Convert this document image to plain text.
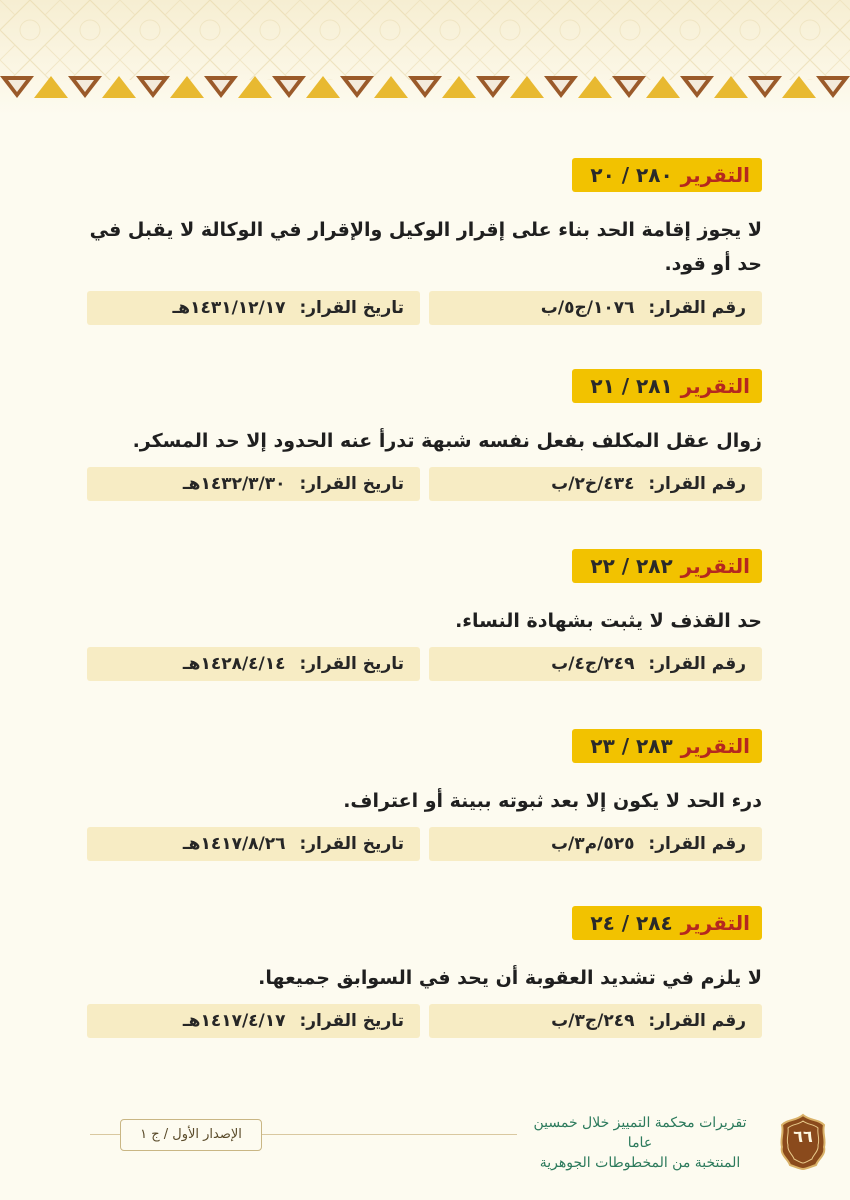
التقرير
٢٨٠ / ٢٠
لا يجوز إقامة الحد بناء على إقرار الوكيل والإقرار في الوكالة لا يقبل في حد أو قود.
رقم القرار: ١٠٧٦/ج٥/ب
تاريخ القرار: ١٤٣١/١٢/١٧هـ
التقرير
٢٨١ / ٢١
زوال عقل المكلف بفعل نفسه شبهة تدرأ عنه الحدود إلا حد المسكر.
رقم القرار: ٤٣٤/خ٢/ب
تاريخ القرار: ١٤٣٢/٣/٣٠هـ
التقرير
٢٨٢ / ٢٢
حد القذف لا يثبت بشهادة النساء.
رقم القرار: ٢٤٩/ج٤/ب
تاريخ القرار: ١٤٢٨/٤/١٤هـ
التقرير
٢٨٣ / ٢٣
درء الحد لا يكون إلا بعد ثبوته ببينة أو اعتراف.
رقم القرار: ٥٢٥/م٣/ب
تاريخ القرار: ١٤١٧/٨/٢٦هـ
التقرير
٢٨٤ / ٢٤
لا يلزم في تشديد العقوبة أن يحد في السوابق جميعها.
رقم القرار: ٢٤٩/ج٣/ب
تاريخ القرار: ١٤١٧/٤/١٧هـ
الإصدار الأول / ج ١
تقريرات محكمة التمييز خلال خمسين عاما
المنتخبة من المخطوطات الجوهرية
٦٦
